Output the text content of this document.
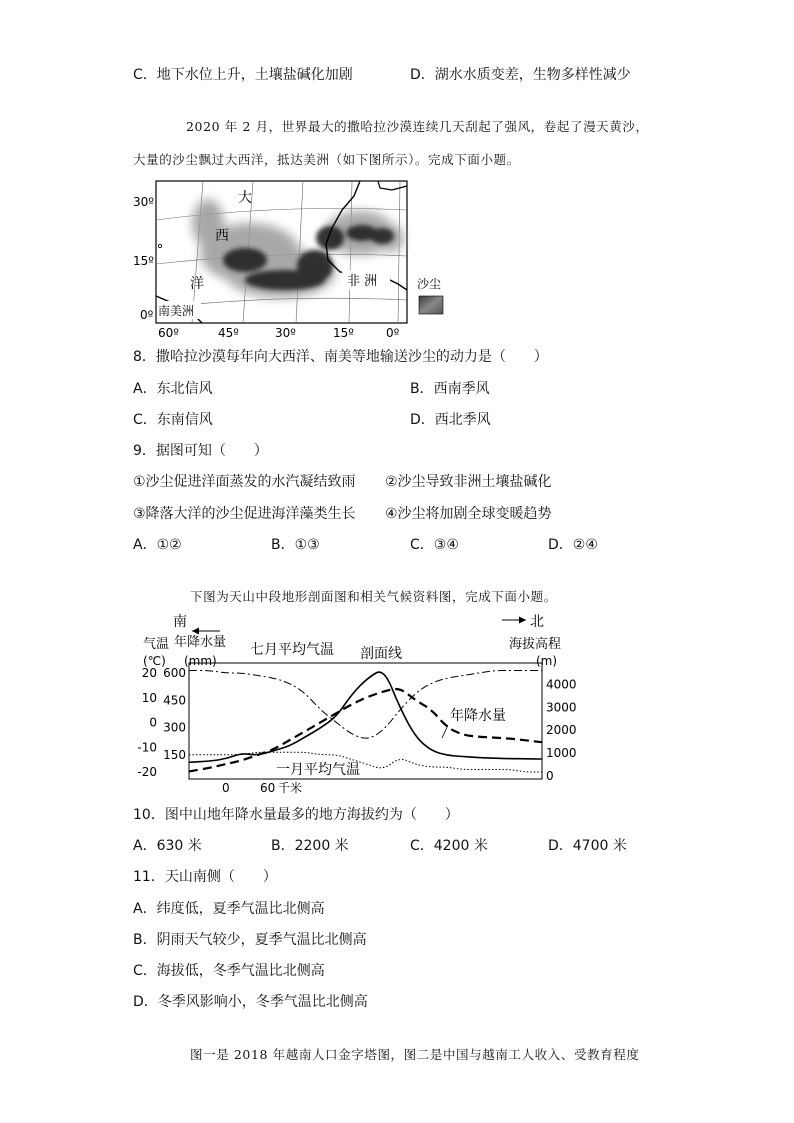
C．地下水位上升，土壤盐碱化加剧	D．湖水水质变差，生物多样性减少
2020 年 2 月，世界最大的撒哈拉沙漠连续几天刮起了强风，卷起了漫天黄沙，
大量的沙尘飘过大西洋，抵达美洲（如下图所示）。完成下面小题。
大
西
洋	非 洲
南美洲
30º
15º
0º
60º	45º	30º	15º	0º
沙尘
8．撒哈拉沙漠每年向大西洋、南美等地输送沙尘的动力是（　　）
A．东北信风	B．西南季风
C．东南信风	D．西北季风
9．据图可知（　　）
①沙尘促进洋面蒸发的水汽凝结致雨 ②沙尘导致非洲土壤盐碱化
③降落大洋的沙尘促进海洋藻类生长 ④沙尘将加剧全球变暖趋势
A．①②	B．①③	C．③④	D．②④
下图为天山中段地形剖面图和相关气候资料图，完成下面小题。
南	北
气温 年降水量
(℃) (mm)
海拔高程
(m)
20
10
0
-10
-20
600
450
300
150
4000
3000
2000
1000
0
七月平均气温 剖面线
年降水量
一月平均气温
0	60 千米
10．图中山地年降水量最多的地方海拔约为（　　）
A．630 米	B．2200 米	C．4200 米	D．4700 米
11．天山南侧（　　）
A．纬度低，夏季气温比北侧高
B．阴雨天气较少，夏季气温比北侧高
C．海拔低，冬季气温比北侧高
D．冬季风影响小，冬季气温比北侧高
图一是 2018 年越南人口金字塔图，图二是中国与越南工人收入、受教育程度
